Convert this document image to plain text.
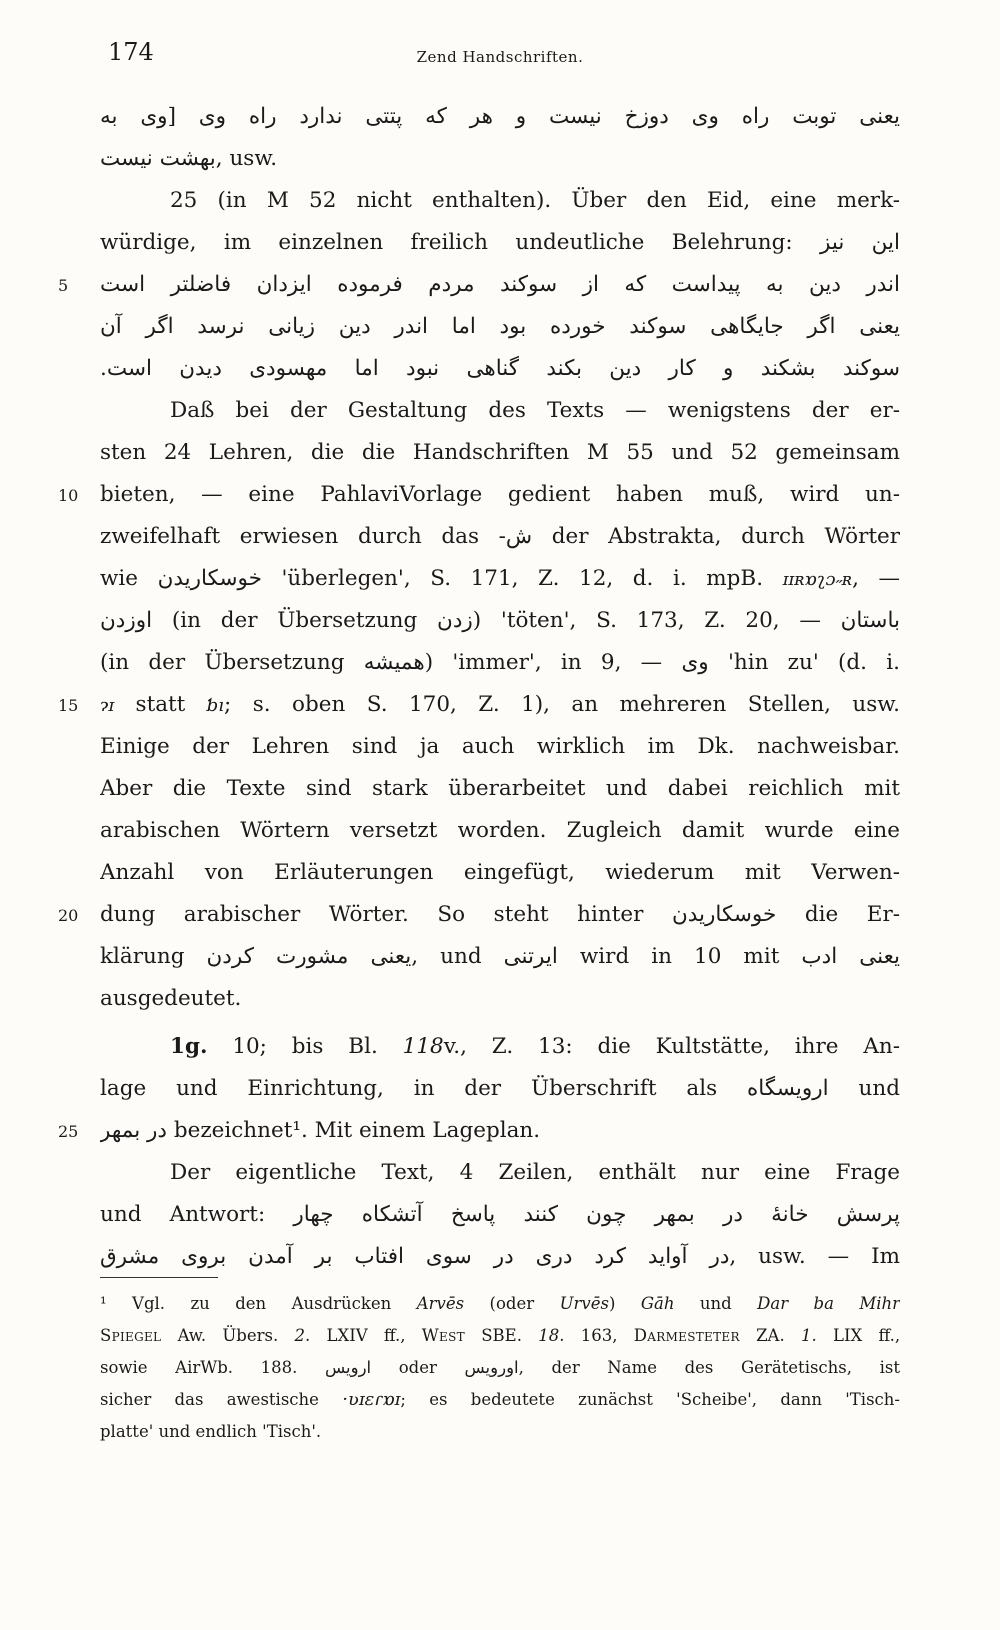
174	Zend Handschriften.
یعنی توبت راه وی دوزخ نیست و هر که پتتی ندارد راه وی [وی به
بهشت نیست, usw.
25 (in M 52 nicht enthalten). Über den Eid, eine merk-
würdige, im einzelnen freilich undeutliche Belehrung: این نیز
5	اندر دین به پیداست که از سوکند مردم فرموده ایزدان فاضلتر است
یعنی اگر جایگاهی سوکند خورده بود اما اندر دین زیانی نرسد اگر آن
سوکند بشکند و کار دین بکند گناهی نبود اما مهسودی دیدن است.
Daß bei der Gestaltung des Texts — wenigstens der er-
sten 24 Lehren, die die Handschriften M 55 und 52 gemeinsam
10	bieten, — eine PahlaviVorlage gedient haben muß, wird un-
zweifelhaft erwiesen durch das ش- der Abstrakta, durch Wörter
wie خوسکاریدن 'überlegen', S. 171, Z. 12, d. i. mpB. ɪɪʀɒʅɔ˶ʀ, —
اوزدن (in der Übersetzung زدن) 'töten', S. 173, Z. 20, — باستان
(in der Übersetzung همیشه) 'immer', in 9, — وی 'hin zu' (d. i.
15	ɂɪ statt ƅı; s. oben S. 170, Z. 1), an mehreren Stellen, usw.
Einige der Lehren sind ja auch wirklich im Dk. nachweisbar.
Aber die Texte sind stark überarbeitet und dabei reichlich mit
arabischen Wörtern versetzt worden. Zugleich damit wurde eine
Anzahl von Erläuterungen eingefügt, wiederum mit Verwen-
20	dung arabischer Wörter. So steht hinter خوسکاریدن die Er-
klärung یعنی مشورت کردن, und ایرتنی wird in 10 mit یعنی ادب
ausgedeutet.
1g. 10; bis Bl. 118v., Z. 13: die Kultstätte, ihre An-
lage und Einrichtung, in der Überschrift als ارویسگاه und
25	در بمهر bezeichnet¹. Mit einem Lageplan.
Der eigentliche Text, 4 Zeilen, enthält nur eine Frage
und Antwort: پرسش خانهٔ در بمهر چون کنند پاسخ آتشکاه چهار
در آواید کرد دری در سوی افتاب بر آمدن بروی مشرق, usw. — Im
¹ Vgl. zu den Ausdrücken Arvēs (oder Urvēs) Gāh und Dar ba Mihr
Spiegel Aw. Übers. 2. LXIV ff., West SBE. 18. 163, Darmesteter ZA. 1. LIX ff.,
sowie AirWb. 188. ارویس oder اورویس, der Name des Gerätetischs, ist
sicher das awestische ·ʋɪɛɾɒɪ; es bedeutete zunächst 'Scheibe', dann 'Tisch-
platte' und endlich 'Tisch'.
